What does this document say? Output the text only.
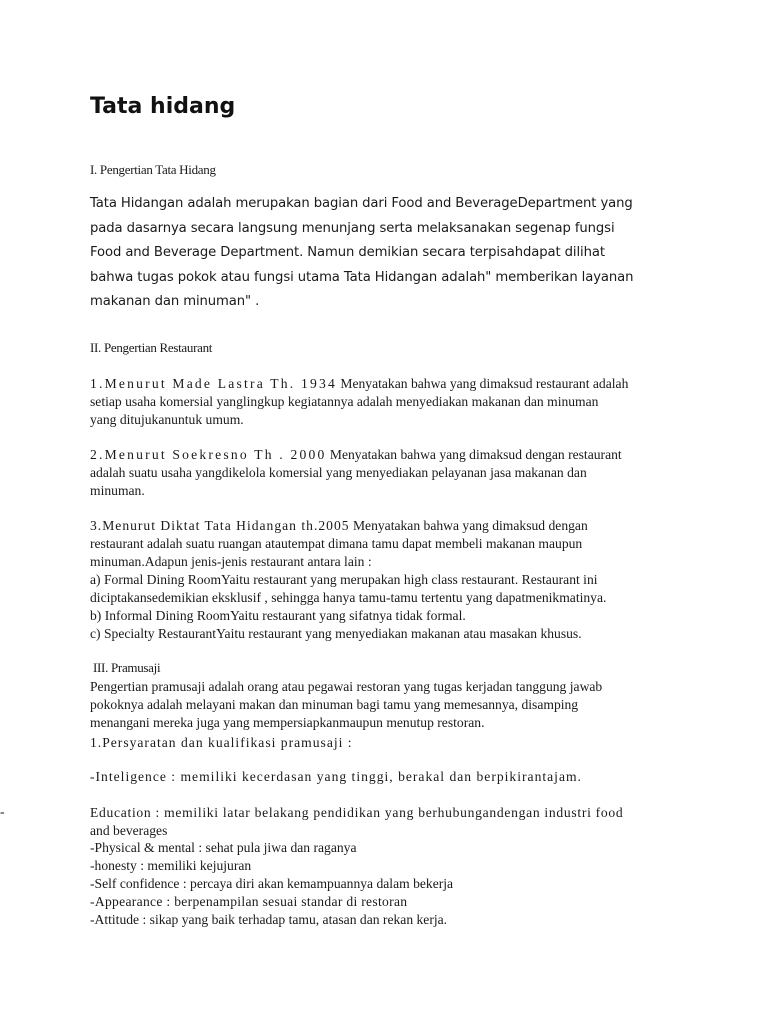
Tata hidang
I. Pengertian Tata Hidang
Tata Hidangan adalah merupakan bagian dari Food and BeverageDepartment yang
pada dasarnya secara langsung menunjang serta melaksanakan segenap fungsi
Food and Beverage Department. Namun demikian secara terpisahdapat dilihat
bahwa tugas pokok atau fungsi utama Tata Hidangan adalah" memberikan layanan
makanan dan minuman" .
II. Pengertian Restaurant
1.Menurut Made Lastra Th. 1934 Menyatakan bahwa yang dimaksud restaurant adalah
setiap usaha komersial yanglingkup kegiatannya adalah menyediakan makanan dan minuman
yang ditujukanuntuk umum.
2.Menurut Soekresno Th . 2000 Menyatakan bahwa yang dimaksud dengan restaurant
adalah suatu usaha yangdikelola komersial yang menyediakan pelayanan jasa makanan dan
minuman.
3.Menurut Diktat Tata Hidangan th.2005 Menyatakan bahwa yang dimaksud dengan
restaurant adalah suatu ruangan ataut‌empat dimana tamu dapat membeli makanan maupun
minuman.Adapun jenis-jenis restaurant antara lain :
a) Formal Dining RoomYaitu restaurant yang merupakan high class restaurant. Restaurant ini
diciptakansedemikian eksklusif , sehingga hanya tamu-tamu tertentu yang dapatmenikmatinya.
b) Informal Dining RoomYaitu restaurant yang sifatnya tidak formal.
c) Specialty RestaurantYaitu restaurant yang menyediakan makanan atau masakan khusus.
III. Pramusaji
Pengertian pramusaji adalah orang atau pegawai restoran yang tugas kerjadan tanggung jawab
pokoknya adalah melayani makan dan minuman bagi tamu yang memesannya, disamping
menangani mereka juga yang mempersiapkanmaupun menutup restoran.
1.Persyaratan dan kualifikasi pramusaji :
-Inteligence : memiliki kecerdasan yang tinggi, berakal dan berpikirantajam.
-	Education : memiliki latar belakang pendidikan yang berhubunganden‌gan industri food
and beverages
-Physical & mental : sehat pula jiwa dan raganya
-honesty : memiliki kejujuran
-Self confidence : percaya diri akan kemampuannya dalam bekerja
-Appearance : berpenampilan sesuai standar di restoran
-Attitude : sikap yang baik terhadap tamu, atasan dan rekan kerja.
